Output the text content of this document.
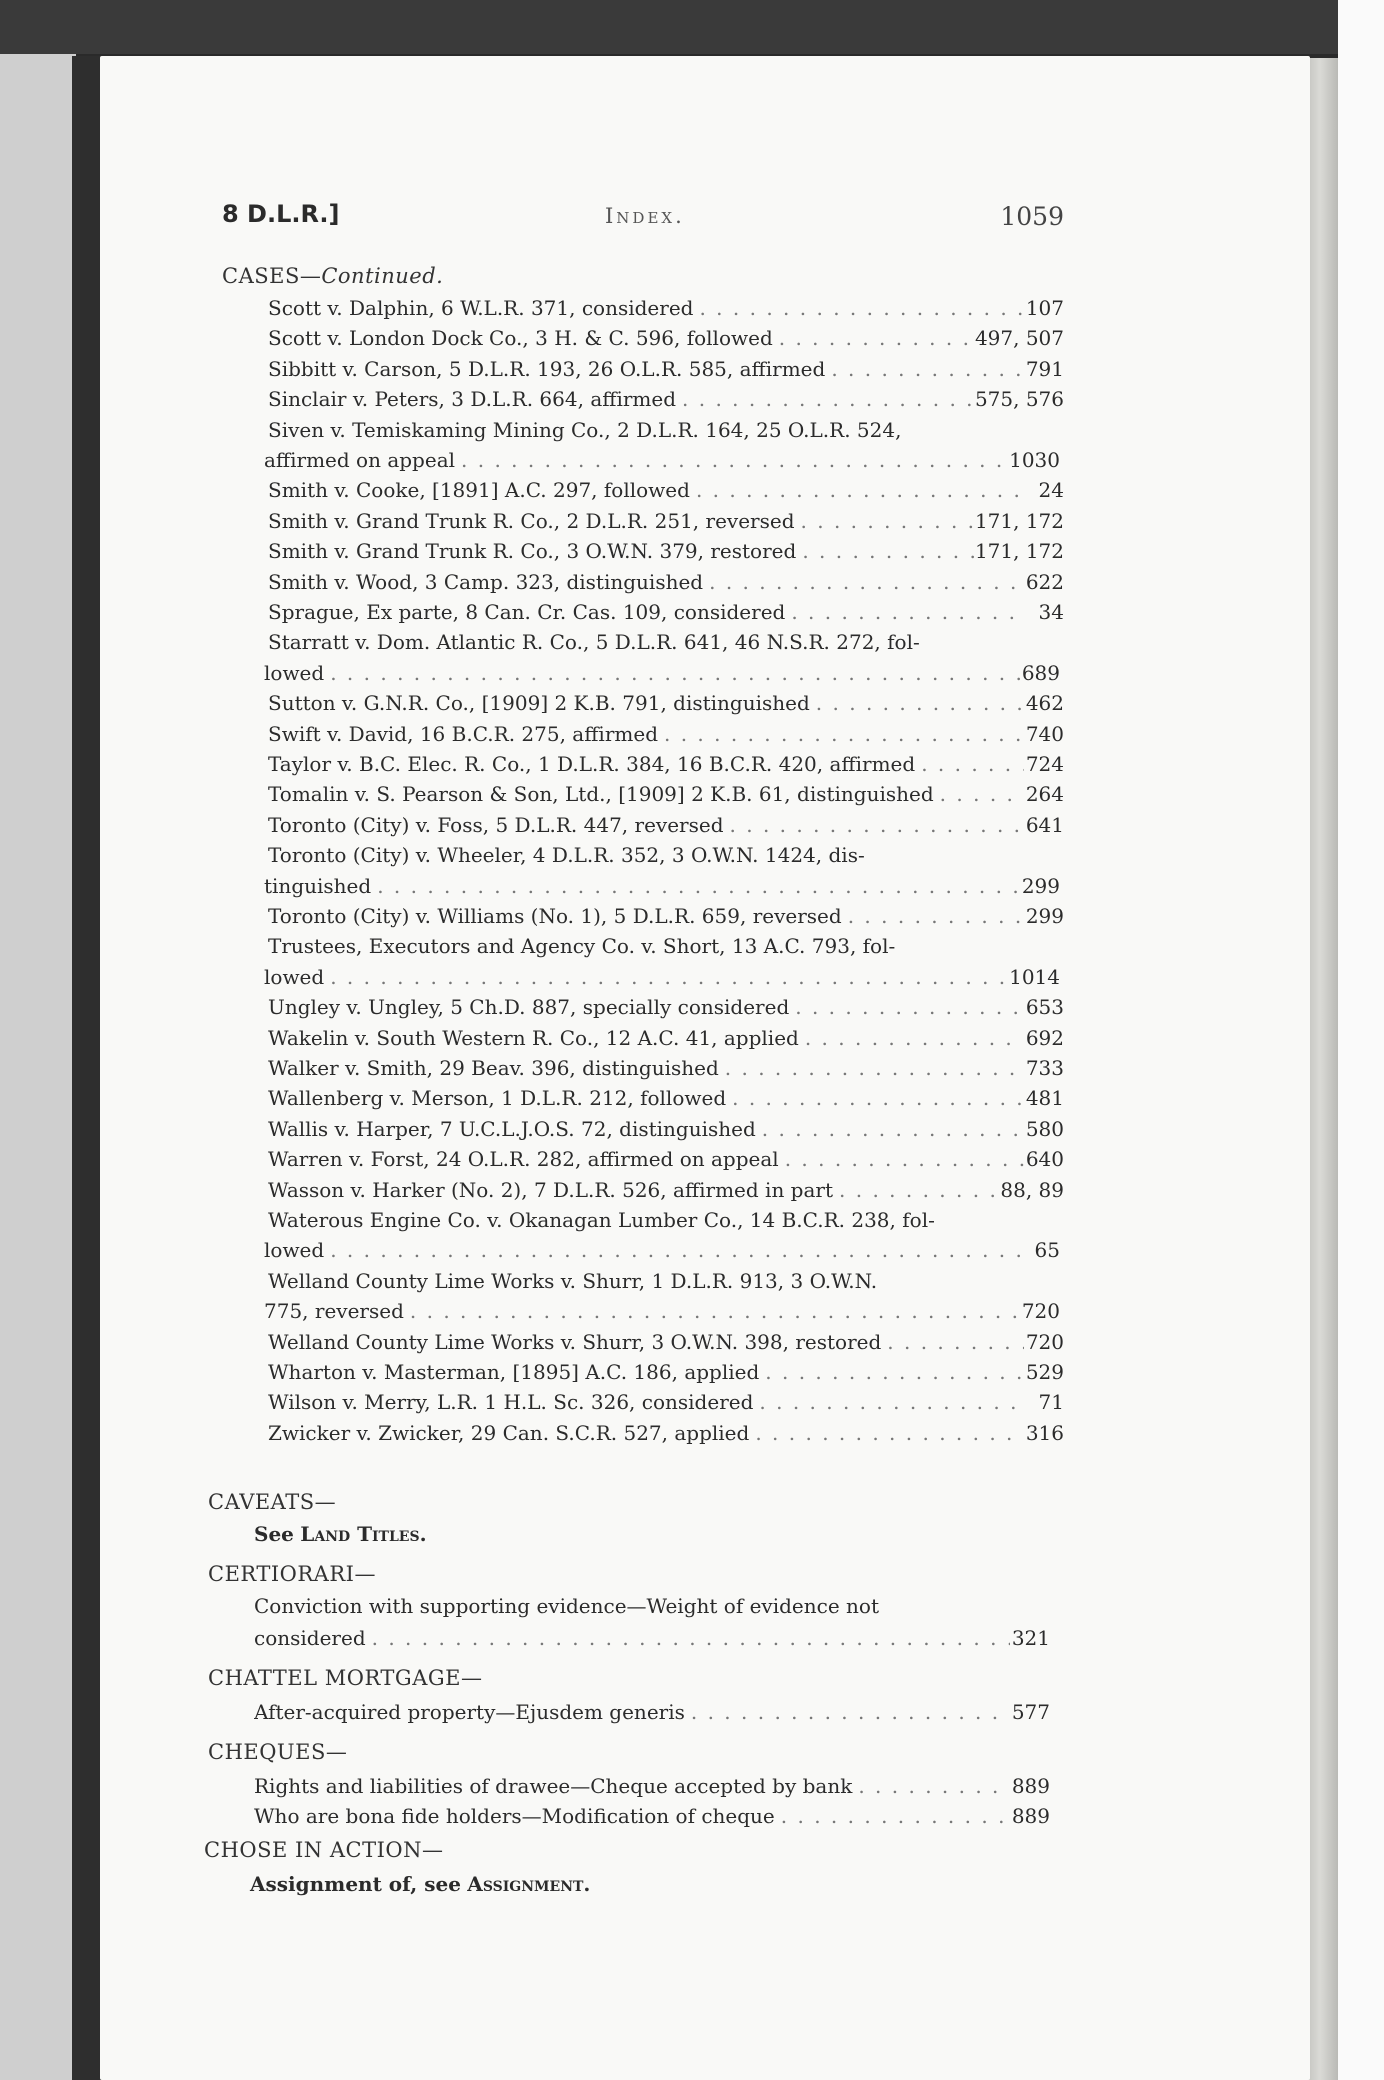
8 D.L.R.]	Index.	1059
CASES—Continued.
Scott v. Dalphin, 6 W.L.R. 371, considered . . .	107
Scott v. London Dock Co., 3 H. & C. 596, followed . . .	497, 507
Sibbitt v. Carson, 5 D.L.R. 193, 26 O.L.R. 585, affirmed . . .	791
Sinclair v. Peters, 3 D.L.R. 664, affirmed . . .	575, 576
Siven v. Temiskaming Mining Co., 2 D.L.R. 164, 25 O.L.R. 524,
affirmed on appeal . . .	1030
Smith v. Cooke, [1891] A.C. 297, followed . . .	24
Smith v. Grand Trunk R. Co., 2 D.L.R. 251, reversed . . .	171, 172
Smith v. Grand Trunk R. Co., 3 O.W.N. 379, restored . . .	171, 172
Smith v. Wood, 3 Camp. 323, distinguished . . .	622
Sprague, Ex parte, 8 Can. Cr. Cas. 109, considered . . .	34
Starratt v. Dom. Atlantic R. Co., 5 D.L.R. 641, 46 N.S.R. 272, fol-
lowed . . .	689
Sutton v. G.N.R. Co., [1909] 2 K.B. 791, distinguished . . .	462
Swift v. David, 16 B.C.R. 275, affirmed . . .	740
Taylor v. B.C. Elec. R. Co., 1 D.L.R. 384, 16 B.C.R. 420, affirmed . . .	724
Tomalin v. S. Pearson & Son, Ltd., [1909] 2 K.B. 61, distinguished . . .	264
Toronto (City) v. Foss, 5 D.L.R. 447, reversed . . .	641
Toronto (City) v. Wheeler, 4 D.L.R. 352, 3 O.W.N. 1424, dis-
tinguished . . .	299
Toronto (City) v. Williams (No. 1), 5 D.L.R. 659, reversed . . .	299
Trustees, Executors and Agency Co. v. Short, 13 A.C. 793, fol-
lowed . . .	1014
Ungley v. Ungley, 5 Ch.D. 887, specially considered . . .	653
Wakelin v. South Western R. Co., 12 A.C. 41, applied . . .	692
Walker v. Smith, 29 Beav. 396, distinguished . . .	733
Wallenberg v. Merson, 1 D.L.R. 212, followed . . .	481
Wallis v. Harper, 7 U.C.L.J.O.S. 72, distinguished . . .	580
Warren v. Forst, 24 O.L.R. 282, affirmed on appeal . . .	640
Wasson v. Harker (No. 2), 7 D.L.R. 526, affirmed in part . . .	88, 89
Waterous Engine Co. v. Okanagan Lumber Co., 14 B.C.R. 238, fol-
lowed . . .	65
Welland County Lime Works v. Shurr, 1 D.L.R. 913, 3 O.W.N.
775, reversed . . .	720
Welland County Lime Works v. Shurr, 3 O.W.N. 398, restored . . .	720
Wharton v. Masterman, [1895] A.C. 186, applied . . .	529
Wilson v. Merry, L.R. 1 H.L. Sc. 326, considered . . .	71
Zwicker v. Zwicker, 29 Can. S.C.R. 527, applied . . .	316
CAVEATS—
See Land Titles.
CERTIORARI—
Conviction with supporting evidence—Weight of evidence not
considered . . .	321
CHATTEL MORTGAGE—
After-acquired property—Ejusdem generis . . .	577
CHEQUES—
Rights and liabilities of drawee—Cheque accepted by bank . . .	889
Who are bona fide holders—Modification of cheque . . .	889
CHOSE IN ACTION—
Assignment of, see Assignment.
